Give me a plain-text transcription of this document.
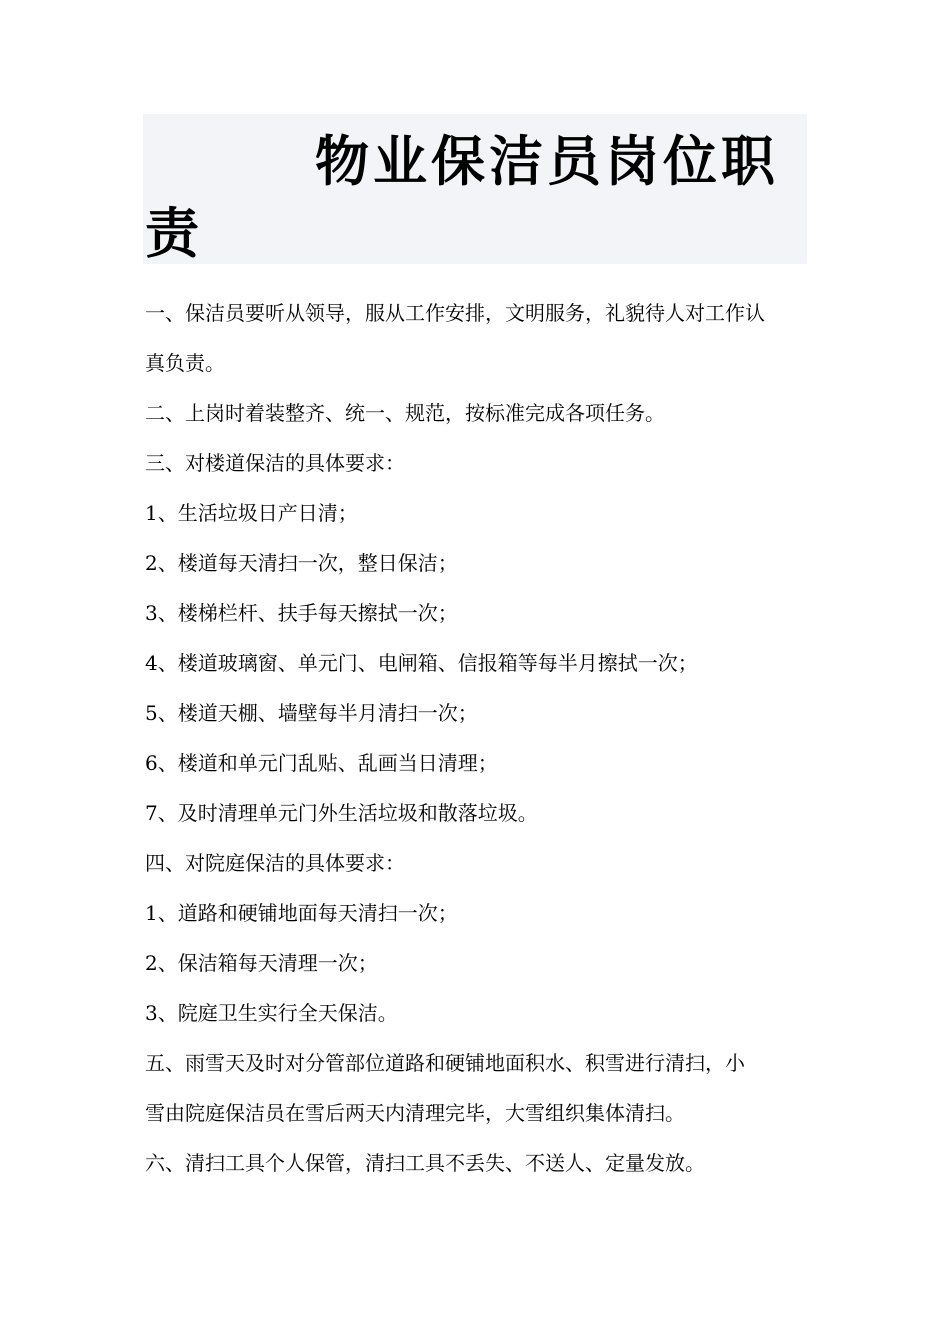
物业保洁员岗位职
责

一、保洁员要听从领导，服从工作安排，文明服务，礼貌待人对工作认

真负责。

二、上岗时着装整齐、统一、规范，按标准完成各项任务。

三、对楼道保洁的具体要求：

1、生活垃圾日产日清；

2、楼道每天清扫一次，整日保洁；

3、楼梯栏杆、扶手每天擦拭一次；

4、楼道玻璃窗、单元门、电闸箱、信报箱等每半月擦拭一次；

5、楼道天棚、墙壁每半月清扫一次；

6、楼道和单元门乱贴、乱画当日清理；

7、及时清理单元门外生活垃圾和散落垃圾。

四、对院庭保洁的具体要求：

1、道路和硬铺地面每天清扫一次；

2、保洁箱每天清理一次；

3、院庭卫生实行全天保洁。

五、雨雪天及时对分管部位道路和硬铺地面积水、积雪进行清扫，小

雪由院庭保洁员在雪后两天内清理完毕，大雪组织集体清扫。

六、清扫工具个人保管，清扫工具不丢失、不送人、定量发放。
